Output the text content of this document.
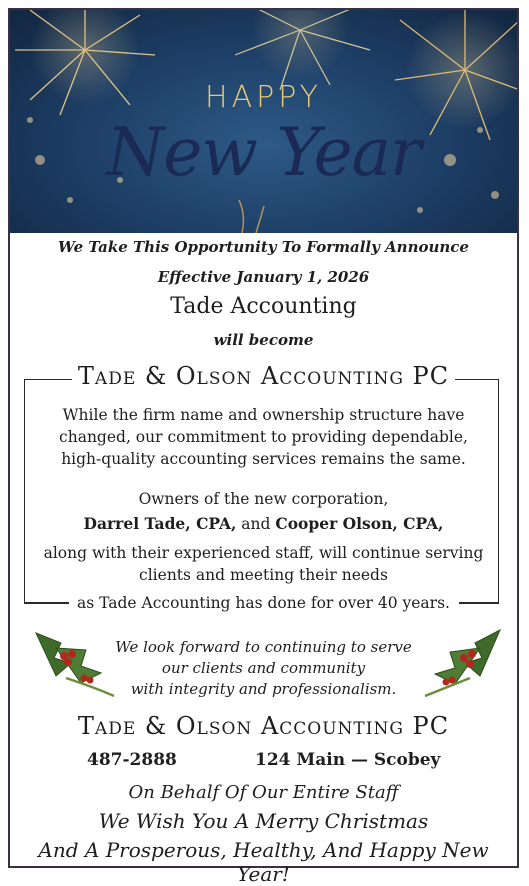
HAPPY
New Year
We Take This Opportunity To Formally Announce
Effective January 1, 2026
Tade Accounting
will become
Tade & Olson Accounting PC
While the firm name and ownership structure have
changed, our commitment to providing dependable,
high-quality accounting services remains the same.
Owners of the new corporation,
Darrel Tade, CPA, and Cooper Olson, CPA,
along with their experienced staff, will continue serving
clients and meeting their needs
as Tade Accounting has done for over 40 years.
We look forward to continuing to serve
our clients and community
with integrity and professionalism.
Tade & Olson Accounting PC
487-2888	124 Main — Scobey
On Behalf Of Our Entire Staff
We Wish You A Merry Christmas
And A Prosperous, Healthy, And Happy New Year!
